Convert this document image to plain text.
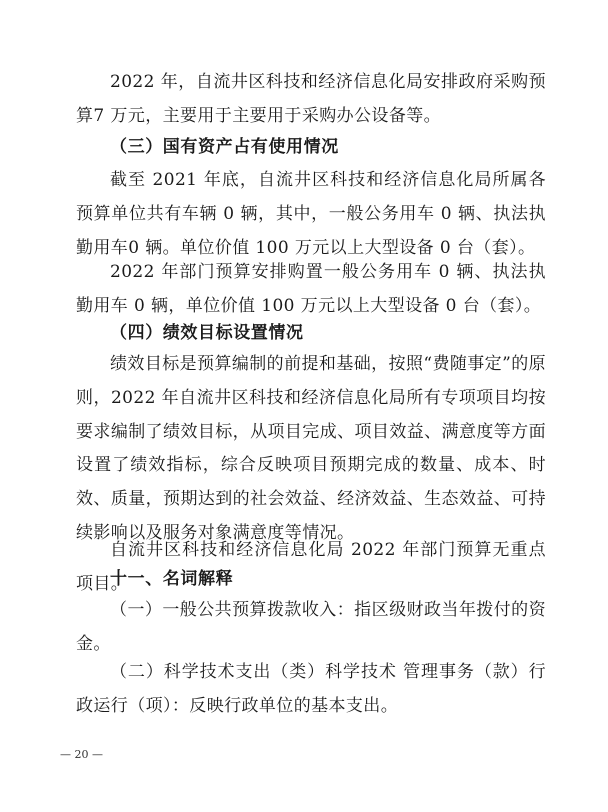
2022 年，自流井区科技和经济信息化局安排政府采购预算7 万元，主要用于主要用于采购办公设备等。

（三）国有资产占有使用情况

截至 2021 年底，自流井区科技和经济信息化局所属各预算单位共有车辆 0 辆，其中，一般公务用车 0 辆、执法执勤用车0 辆。单位价值 100 万元以上大型设备 0 台（套）。

2022 年部门预算安排购置一般公务用车 0 辆、执法执勤用车 0 辆，单位价值 100 万元以上大型设备 0 台（套）。

（四）绩效目标设置情况

绩效目标是预算编制的前提和基础，按照“费随事定”的原则，2022 年自流井区科技和经济信息化局所有专项项目均按要求编制了绩效目标，从项目完成、项目效益、满意度等方面设置了绩效指标，综合反映项目预期完成的数量、成本、时效、质量，预期达到的社会效益、经济效益、生态效益、可持续影响以及服务对象满意度等情况。

自流井区科技和经济信息化局 2022 年部门预算无重点项目。

十一、名词解释

（一）一般公共预算拨款收入：指区级财政当年拨付的资金。

（二）科学技术支出（类）科学技术 管理事务（款）行政运行（项）：反映行政单位的基本支出。

— 20 —
